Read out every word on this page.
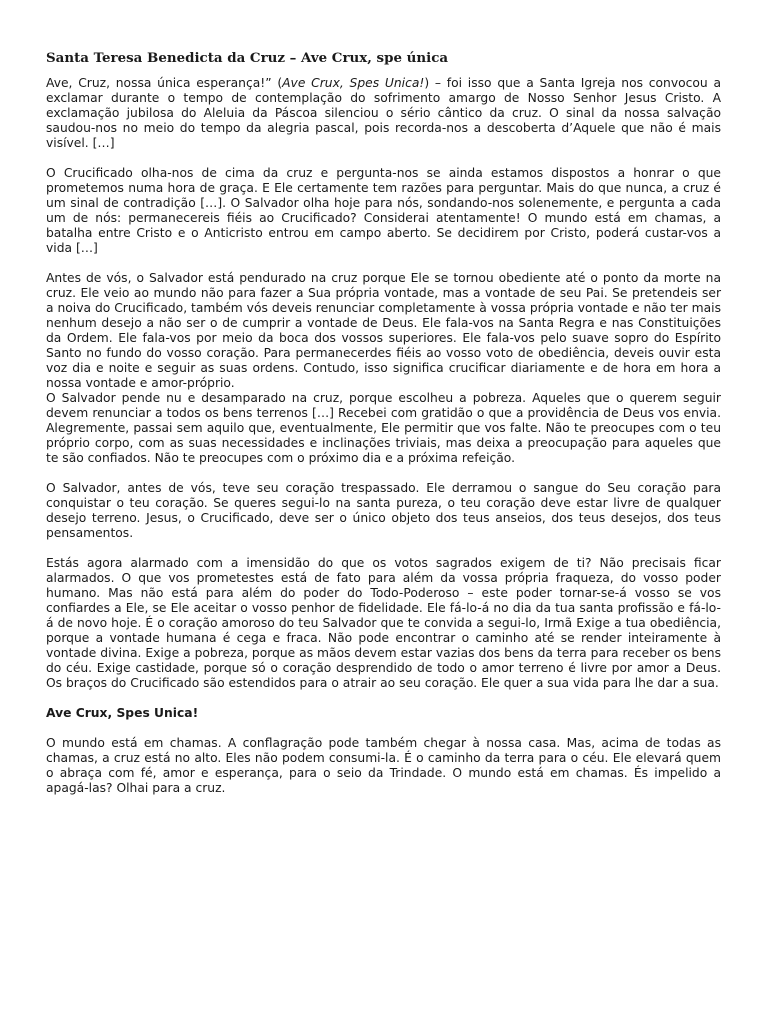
Santa Teresa Benedicta da Cruz – Ave Crux, spe única

Ave, Cruz, nossa única esperança!” (Ave Crux, Spes Unica!) – foi isso que a Santa Igreja nos convocou a exclamar durante o tempo de contemplação do sofrimento amargo de Nosso Senhor Jesus Cristo. A exclamação jubilosa do Aleluia da Páscoa silenciou o sério cântico da cruz. O sinal da nossa salvação saudou-nos no meio do tempo da alegria pascal, pois recorda-nos a descoberta d’Aquele que não é mais visível. […]

O Crucificado olha-nos de cima da cruz e pergunta-nos se ainda estamos dispostos a honrar o que prometemos numa hora de graça. E Ele certamente tem razões para perguntar. Mais do que nunca, a cruz é um sinal de contradição […]. O Salvador olha hoje para nós, sondando-nos solenemente, e pergunta a cada um de nós: permanecereis fiéis ao Crucificado? Considerai atentamente! O mundo está em chamas, a batalha entre Cristo e o Anticristo entrou em campo aberto. Se decidirem por Cristo, poderá custar-vos a vida […]

Antes de vós, o Salvador está pendurado na cruz porque Ele se tornou obediente até o ponto da morte na cruz. Ele veio ao mundo não para fazer a Sua própria vontade, mas a vontade de seu Pai. Se pretendeis ser a noiva do Crucificado, também vós deveis renunciar completamente à vossa própria vontade e não ter mais nenhum desejo a não ser o de cumprir a vontade de Deus. Ele fala-vos na Santa Regra e nas Constituições da Ordem. Ele fala-vos por meio da boca dos vossos superiores. Ele fala-vos pelo suave sopro do Espírito Santo no fundo do vosso coração. Para permanecerdes fiéis ao vosso voto de obediência, deveis ouvir esta voz dia e noite e seguir as suas ordens. Contudo, isso significa crucificar diariamente e de hora em hora a nossa vontade e amor-próprio.

O Salvador pende nu e desamparado na cruz, porque escolheu a pobreza. Aqueles que o querem seguir devem renunciar a todos os bens terrenos […] Recebei com gratidão o que a providência de Deus vos envia. Alegremente, passai sem aquilo que, eventualmente, Ele permitir que vos falte. Não te preocupes com o teu próprio corpo, com as suas necessidades e inclinações triviais, mas deixa a preocupação para aqueles que te são confiados. Não te preocupes com o próximo dia e a próxima refeição.

O Salvador, antes de vós, teve seu coração trespassado. Ele derramou o sangue do Seu coração para conquistar o teu coração. Se queres segui-lo na santa pureza, o teu coração deve estar livre de qualquer desejo terreno. Jesus, o Crucificado, deve ser o único objeto dos teus anseios, dos teus desejos, dos teus pensamentos.

Estás agora alarmado com a imensidão do que os votos sagrados exigem de ti? Não precisais ficar alarmados. O que vos prometestes está de fato para além da vossa própria fraqueza, do vosso poder humano. Mas não está para além do poder do Todo-Poderoso – este poder tornar-se-á vosso se vos confiardes a Ele, se Ele aceitar o vosso penhor de fidelidade. Ele fá-lo-á no dia da tua santa profissão e fá-lo-á de novo hoje. É o coração amoroso do teu Salvador que te convida a segui-lo, Irmã Exige a tua obediência, porque a vontade humana é cega e fraca. Não pode encontrar o caminho até se render inteiramente à vontade divina. Exige a pobreza, porque as mãos devem estar vazias dos bens da terra para receber os bens do céu. Exige castidade, porque só o coração desprendido de todo o amor terreno é livre por amor a Deus. Os braços do Crucificado são estendidos para o atrair ao seu coração. Ele quer a sua vida para lhe dar a sua.

Ave Crux, Spes Unica!

O mundo está em chamas. A conflagração pode também chegar à nossa casa. Mas, acima de todas as chamas, a cruz está no alto. Eles não podem consumi-la. É o caminho da terra para o céu. Ele elevará quem o abraça com fé, amor e esperança, para o seio da Trindade. O mundo está em chamas. És impelido a apagá-las? Olhai para a cruz.
